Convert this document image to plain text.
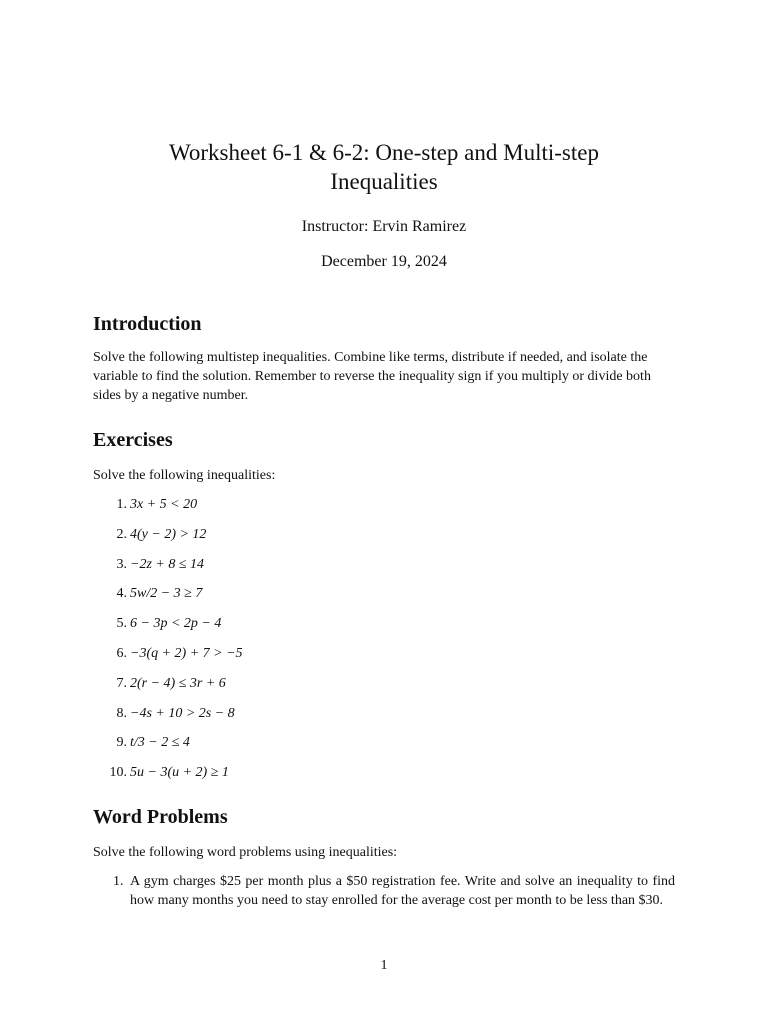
Worksheet 6-1 & 6-2: One-step and Multi-step
Inequalities
Instructor: Ervin Ramirez
December 19, 2024
Introduction
Solve the following multistep inequalities. Combine like terms, distribute if needed, and isolate the variable to find the solution. Remember to reverse the inequality sign if you multiply or divide both sides by a negative number.
Exercises
Solve the following inequalities:
1. 3x + 5 < 20
2. 4(y − 2) > 12
3. −2z + 8 ≤ 14
4. 5w/2 − 3 ≥ 7
5. 6 − 3p < 2p − 4
6. −3(q + 2) + 7 > −5
7. 2(r − 4) ≤ 3r + 6
8. −4s + 10 > 2s − 8
9. t/3 − 2 ≤ 4
10. 5u − 3(u + 2) ≥ 1
Word Problems
Solve the following word problems using inequalities:
1. A gym charges $25 per month plus a $50 registration fee. Write and solve an inequality to find how many months you need to stay enrolled for the average cost per month to be less than $30.
1
